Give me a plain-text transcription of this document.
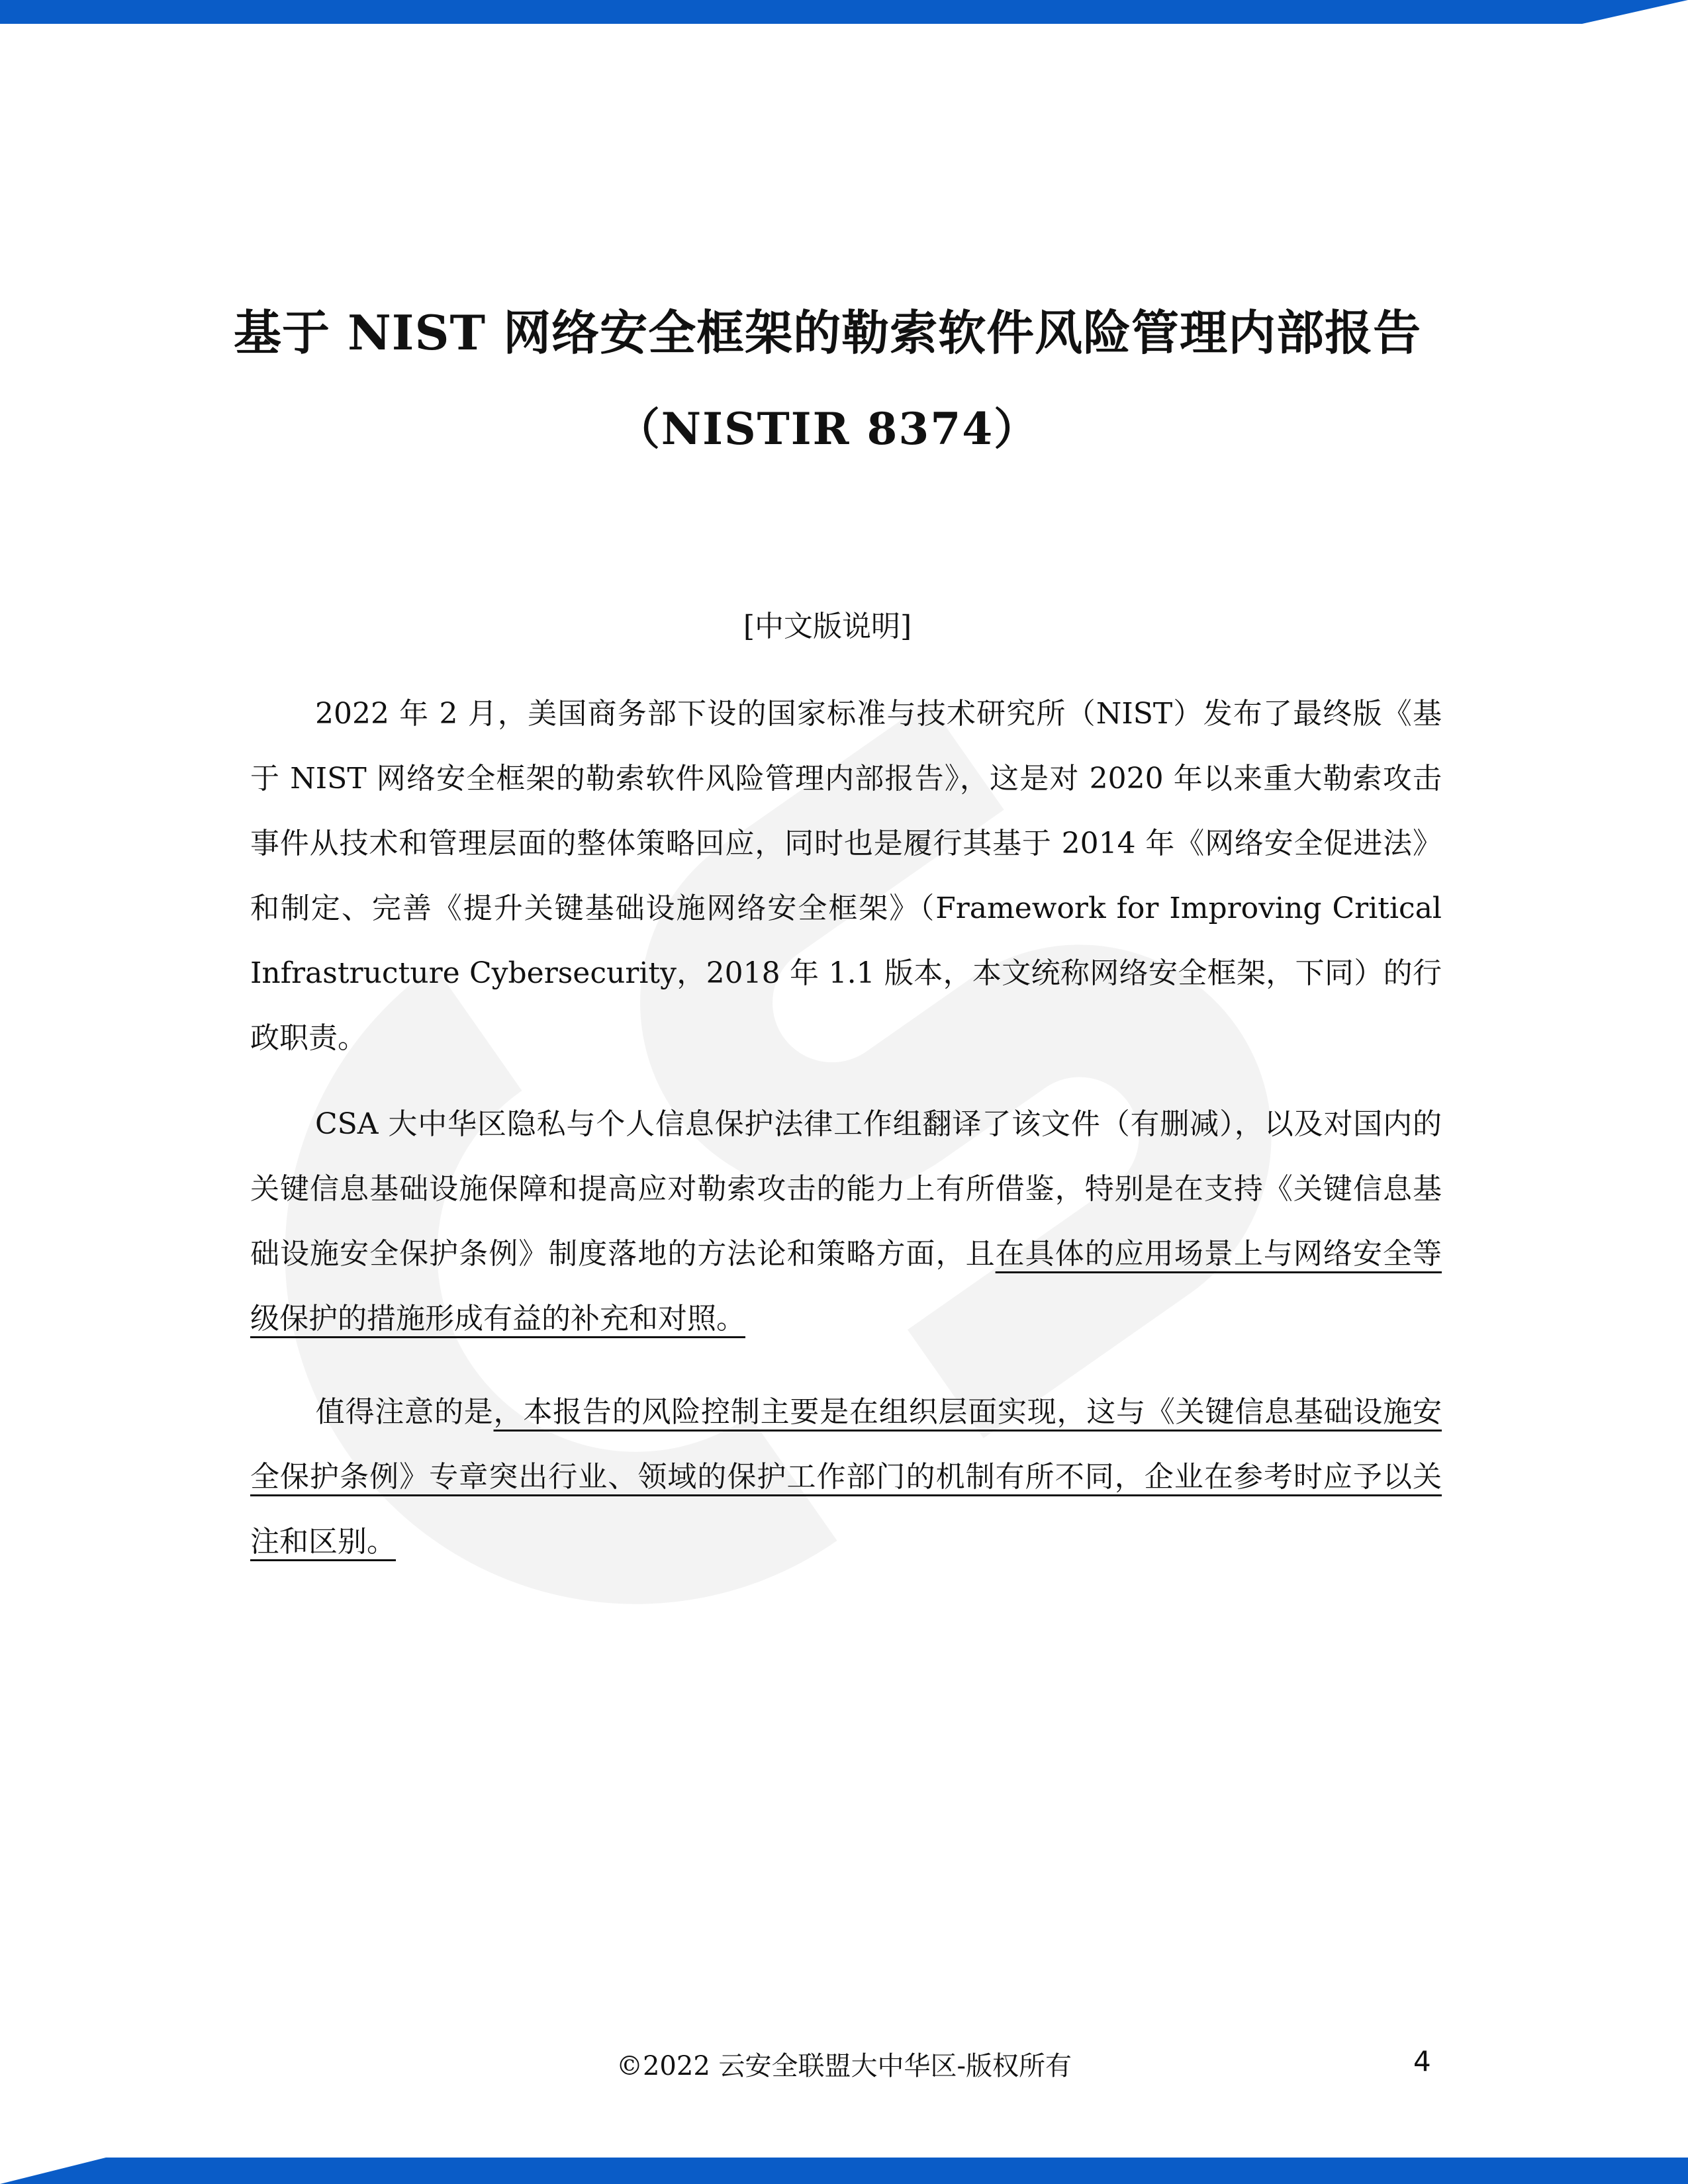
基于 NIST 网络安全框架的勒索软件风险管理内部报告
（NISTIR 8374）
[中文版说明]

2022 年 2 月，美国商务部下设的国家标准与技术研究所（NIST）发布了最终版《基于 NIST 网络安全框架的勒索软件风险管理内部报告》，这是对 2020 年以来重大勒索攻击事件从技术和管理层面的整体策略回应，同时也是履行其基于 2014 年《网络安全促进法》和制定、完善《提升关键基础设施网络安全框架》（Framework for Improving Critical Infrastructure Cybersecurity，2018 年 1.1 版本，本文统称网络安全框架，下同）的行政职责。

CSA 大中华区隐私与个人信息保护法律工作组翻译了该文件（有删减），以及对国内的关键信息基础设施保障和提高应对勒索攻击的能力上有所借鉴，特别是在支持《关键信息基础设施安全保护条例》制度落地的方法论和策略方面，且在具体的应用场景上与网络安全等级保护的措施形成有益的补充和对照。

值得注意的是，本报告的风险控制主要是在组织层面实现，这与《关键信息基础设施安全保护条例》专章突出行业、领域的保护工作部门的机制有所不同，企业在参考时应予以关注和区别。

©2022 云安全联盟大中华区-版权所有	4
